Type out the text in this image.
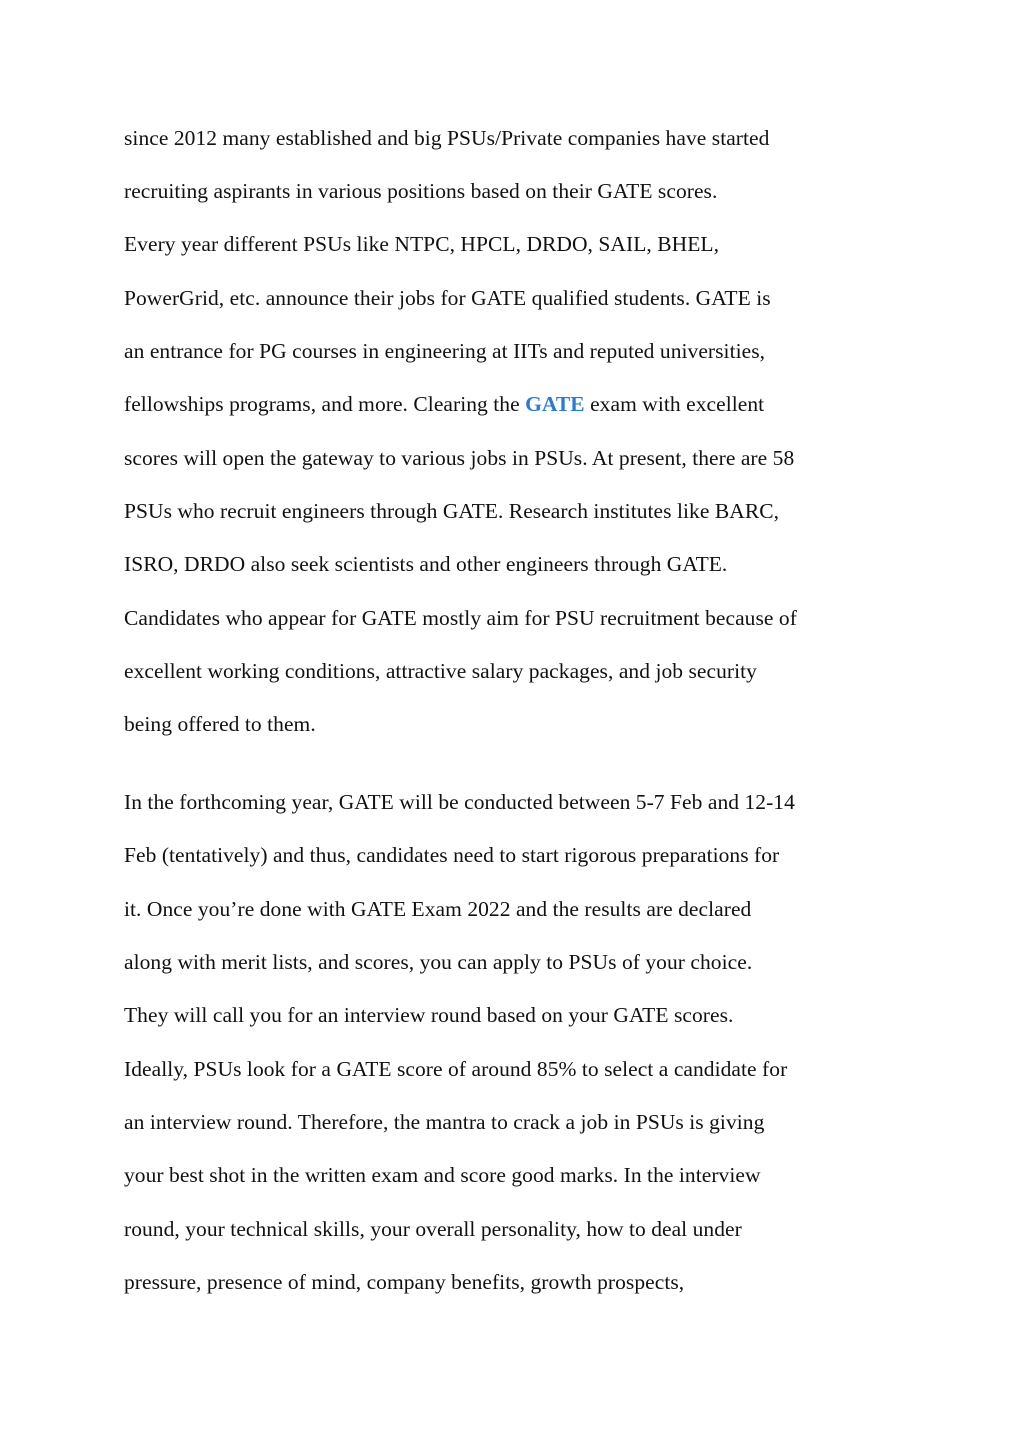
since 2012 many established and big PSUs/Private companies have started
recruiting aspirants in various positions based on their GATE scores.
Every year different PSUs like NTPC, HPCL, DRDO, SAIL, BHEL,
PowerGrid, etc. announce their jobs for GATE qualified students. GATE is
an entrance for PG courses in engineering at IITs and reputed universities,
fellowships programs, and more. Clearing the GATE exam with excellent
scores will open the gateway to various jobs in PSUs. At present, there are 58
PSUs who recruit engineers through GATE. Research institutes like BARC,
ISRO, DRDO also seek scientists and other engineers through GATE.
Candidates who appear for GATE mostly aim for PSU recruitment because of
excellent working conditions, attractive salary packages, and job security
being offered to them.
In the forthcoming year, GATE will be conducted between 5-7 Feb and 12-14
Feb (tentatively) and thus, candidates need to start rigorous preparations for
it. Once you’re done with GATE Exam 2022 and the results are declared
along with merit lists, and scores, you can apply to PSUs of your choice.
They will call you for an interview round based on your GATE scores.
Ideally, PSUs look for a GATE score of around 85% to select a candidate for
an interview round. Therefore, the mantra to crack a job in PSUs is giving
your best shot in the written exam and score good marks. In the interview
round, your technical skills, your overall personality, how to deal under
pressure, presence of mind, company benefits, growth prospects,
